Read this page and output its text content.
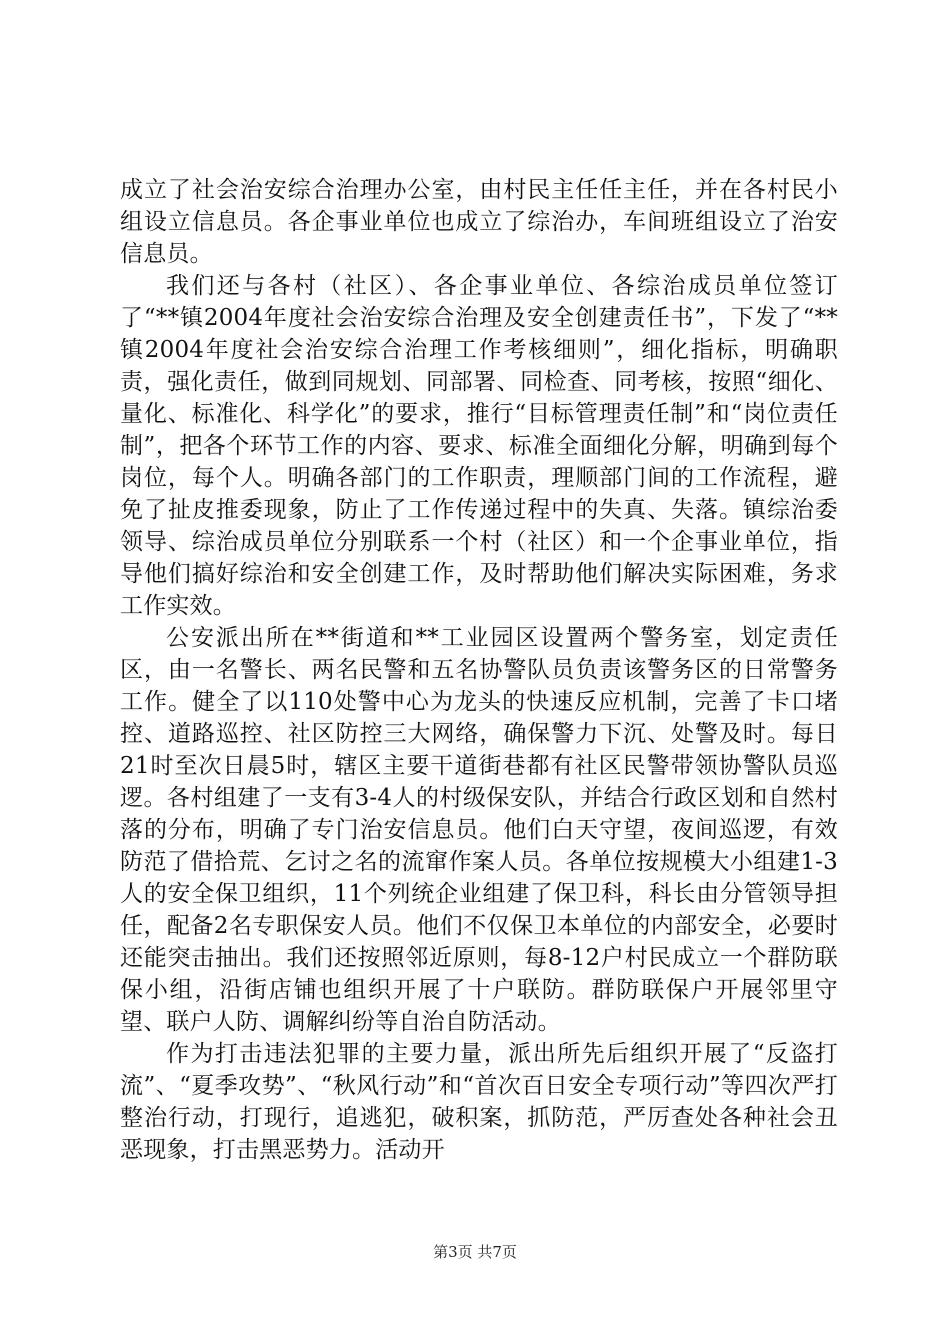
成立了社会治安综合治理办公室，由村民主任任主任，并在各村民小组设立信息员。各企事业单位也成立了综治办，车间班组设立了治安信息员。

我们还与各村（社区）、各企事业单位、各综治成员单位签订了“**镇2004年度社会治安综合治理及安全创建责任书”，下发了“**镇2004年度社会治安综合治理工作考核细则”，细化指标，明确职责，强化责任，做到同规划、同部署、同检查、同考核，按照“细化、量化、标准化、科学化”的要求，推行“目标管理责任制”和“岗位责任制”，把各个环节工作的内容、要求、标准全面细化分解，明确到每个岗位，每个人。明确各部门的工作职责，理顺部门间的工作流程，避免了扯皮推委现象，防止了工作传递过程中的失真、失落。镇综治委领导、综治成员单位分别联系一个村（社区）和一个企事业单位，指导他们搞好综治和安全创建工作，及时帮助他们解决实际困难，务求工作实效。

公安派出所在**街道和**工业园区设置两个警务室，划定责任区，由一名警长、两名民警和五名协警队员负责该警务区的日常警务工作。健全了以110处警中心为龙头的快速反应机制，完善了卡口堵控、道路巡控、社区防控三大网络，确保警力下沉、处警及时。每日21时至次日晨5时，辖区主要干道街巷都有社区民警带领协警队员巡逻。各村组建了一支有3-4人的村级保安队，并结合行政区划和自然村落的分布，明确了专门治安信息员。他们白天守望，夜间巡逻，有效防范了借拾荒、乞讨之名的流窜作案人员。各单位按规模大小组建1-3人的安全保卫组织，11个列统企业组建了保卫科，科长由分管领导担任，配备2名专职保安人员。他们不仅保卫本单位的内部安全，必要时还能突击抽出。我们还按照邻近原则，每8-12户村民成立一个群防联保小组，沿街店铺也组织开展了十户联防。群防联保户开展邻里守望、联户人防、调解纠纷等自治自防活动。

作为打击违法犯罪的主要力量，派出所先后组织开展了“反盗打流”、“夏季攻势”、“秋风行动”和“首次百日安全专项行动”等四次严打整治行动，打现行，追逃犯，破积案，抓防范，严厉查处各种社会丑恶现象，打击黑恶势力。活动开

第3页 共7页
